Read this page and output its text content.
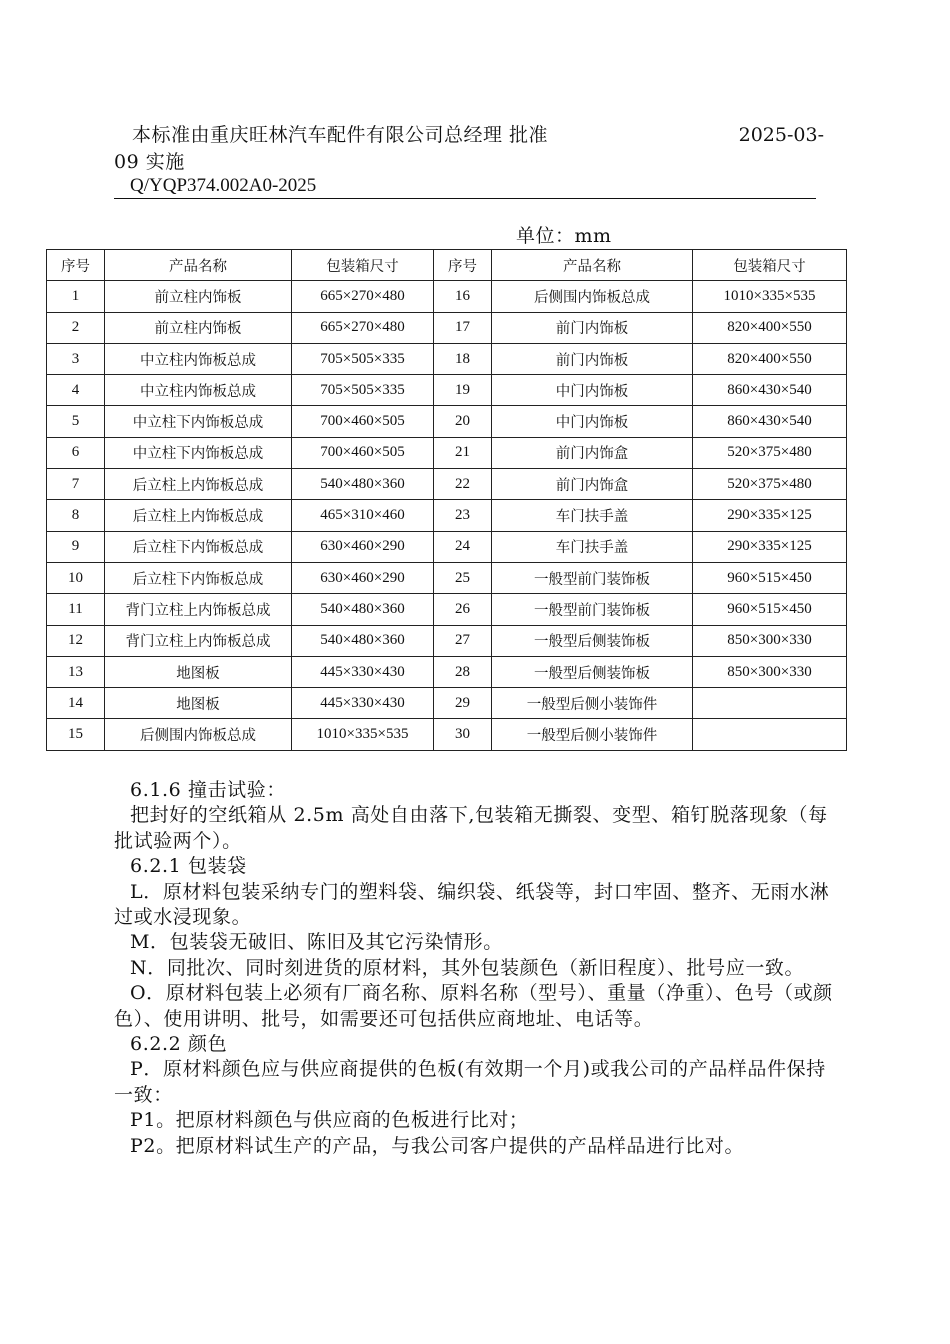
2025-03-
本标准由重庆旺林汽车配件有限公司总经理 批准
09 实施
Q/YQP374.002A0-2025
单位：mm
序号	产品名称	包装箱尺寸	序号	产品名称	包装箱尺寸
1	前立柱内饰板	665×270×480	16	后侧围内饰板总成	1010×335×535
2	前立柱内饰板	665×270×480	17	前门内饰板	820×400×550
3	中立柱内饰板总成	705×505×335	18	前门内饰板	820×400×550
4	中立柱内饰板总成	705×505×335	19	中门内饰板	860×430×540
5	中立柱下内饰板总成	700×460×505	20	中门内饰板	860×430×540
6	中立柱下内饰板总成	700×460×505	21	前门内饰盒	520×375×480
7	后立柱上内饰板总成	540×480×360	22	前门内饰盒	520×375×480
8	后立柱上内饰板总成	465×310×460	23	车门扶手盖	290×335×125
9	后立柱下内饰板总成	630×460×290	24	车门扶手盖	290×335×125
10	后立柱下内饰板总成	630×460×290	25	一般型前门装饰板	960×515×450
11	背门立柱上内饰板总成	540×480×360	26	一般型前门装饰板	960×515×450
12	背门立柱上内饰板总成	540×480×360	27	一般型后侧装饰板	850×300×330
13	地图板	445×330×430	28	一般型后侧装饰板	850×300×330
14	地图板	445×330×430	29	一般型后侧小装饰件	
15	后侧围内饰板总成	1010×335×535	30	一般型后侧小装饰件	

6.1.6 撞击试验：

把封好的空纸箱从 2.5m 高处自由落下,包装箱无撕裂、变型、箱钉脱落现象（每批试验两个）。

6.2.1 包装袋

L．原材料包装采纳专门的塑料袋、编织袋、纸袋等，封口牢固、整齐、无雨水淋过或水浸现象。

M．包装袋无破旧、陈旧及其它污染情形。

N．同批次、同时刻进货的原材料，其外包装颜色（新旧程度）、批号应一致。

O．原材料包装上必须有厂商名称、原料名称（型号）、重量（净重）、色号（或颜色）、使用讲明、批号，如需要还可包括供应商地址、电话等。

6.2.2 颜色

P．原材料颜色应与供应商提供的色板(有效期一个月)或我公司的产品样品件保持一致：

P1。把原材料颜色与供应商的色板进行比对；

P2。把原材料试生产的产品，与我公司客户提供的产品样品进行比对。
